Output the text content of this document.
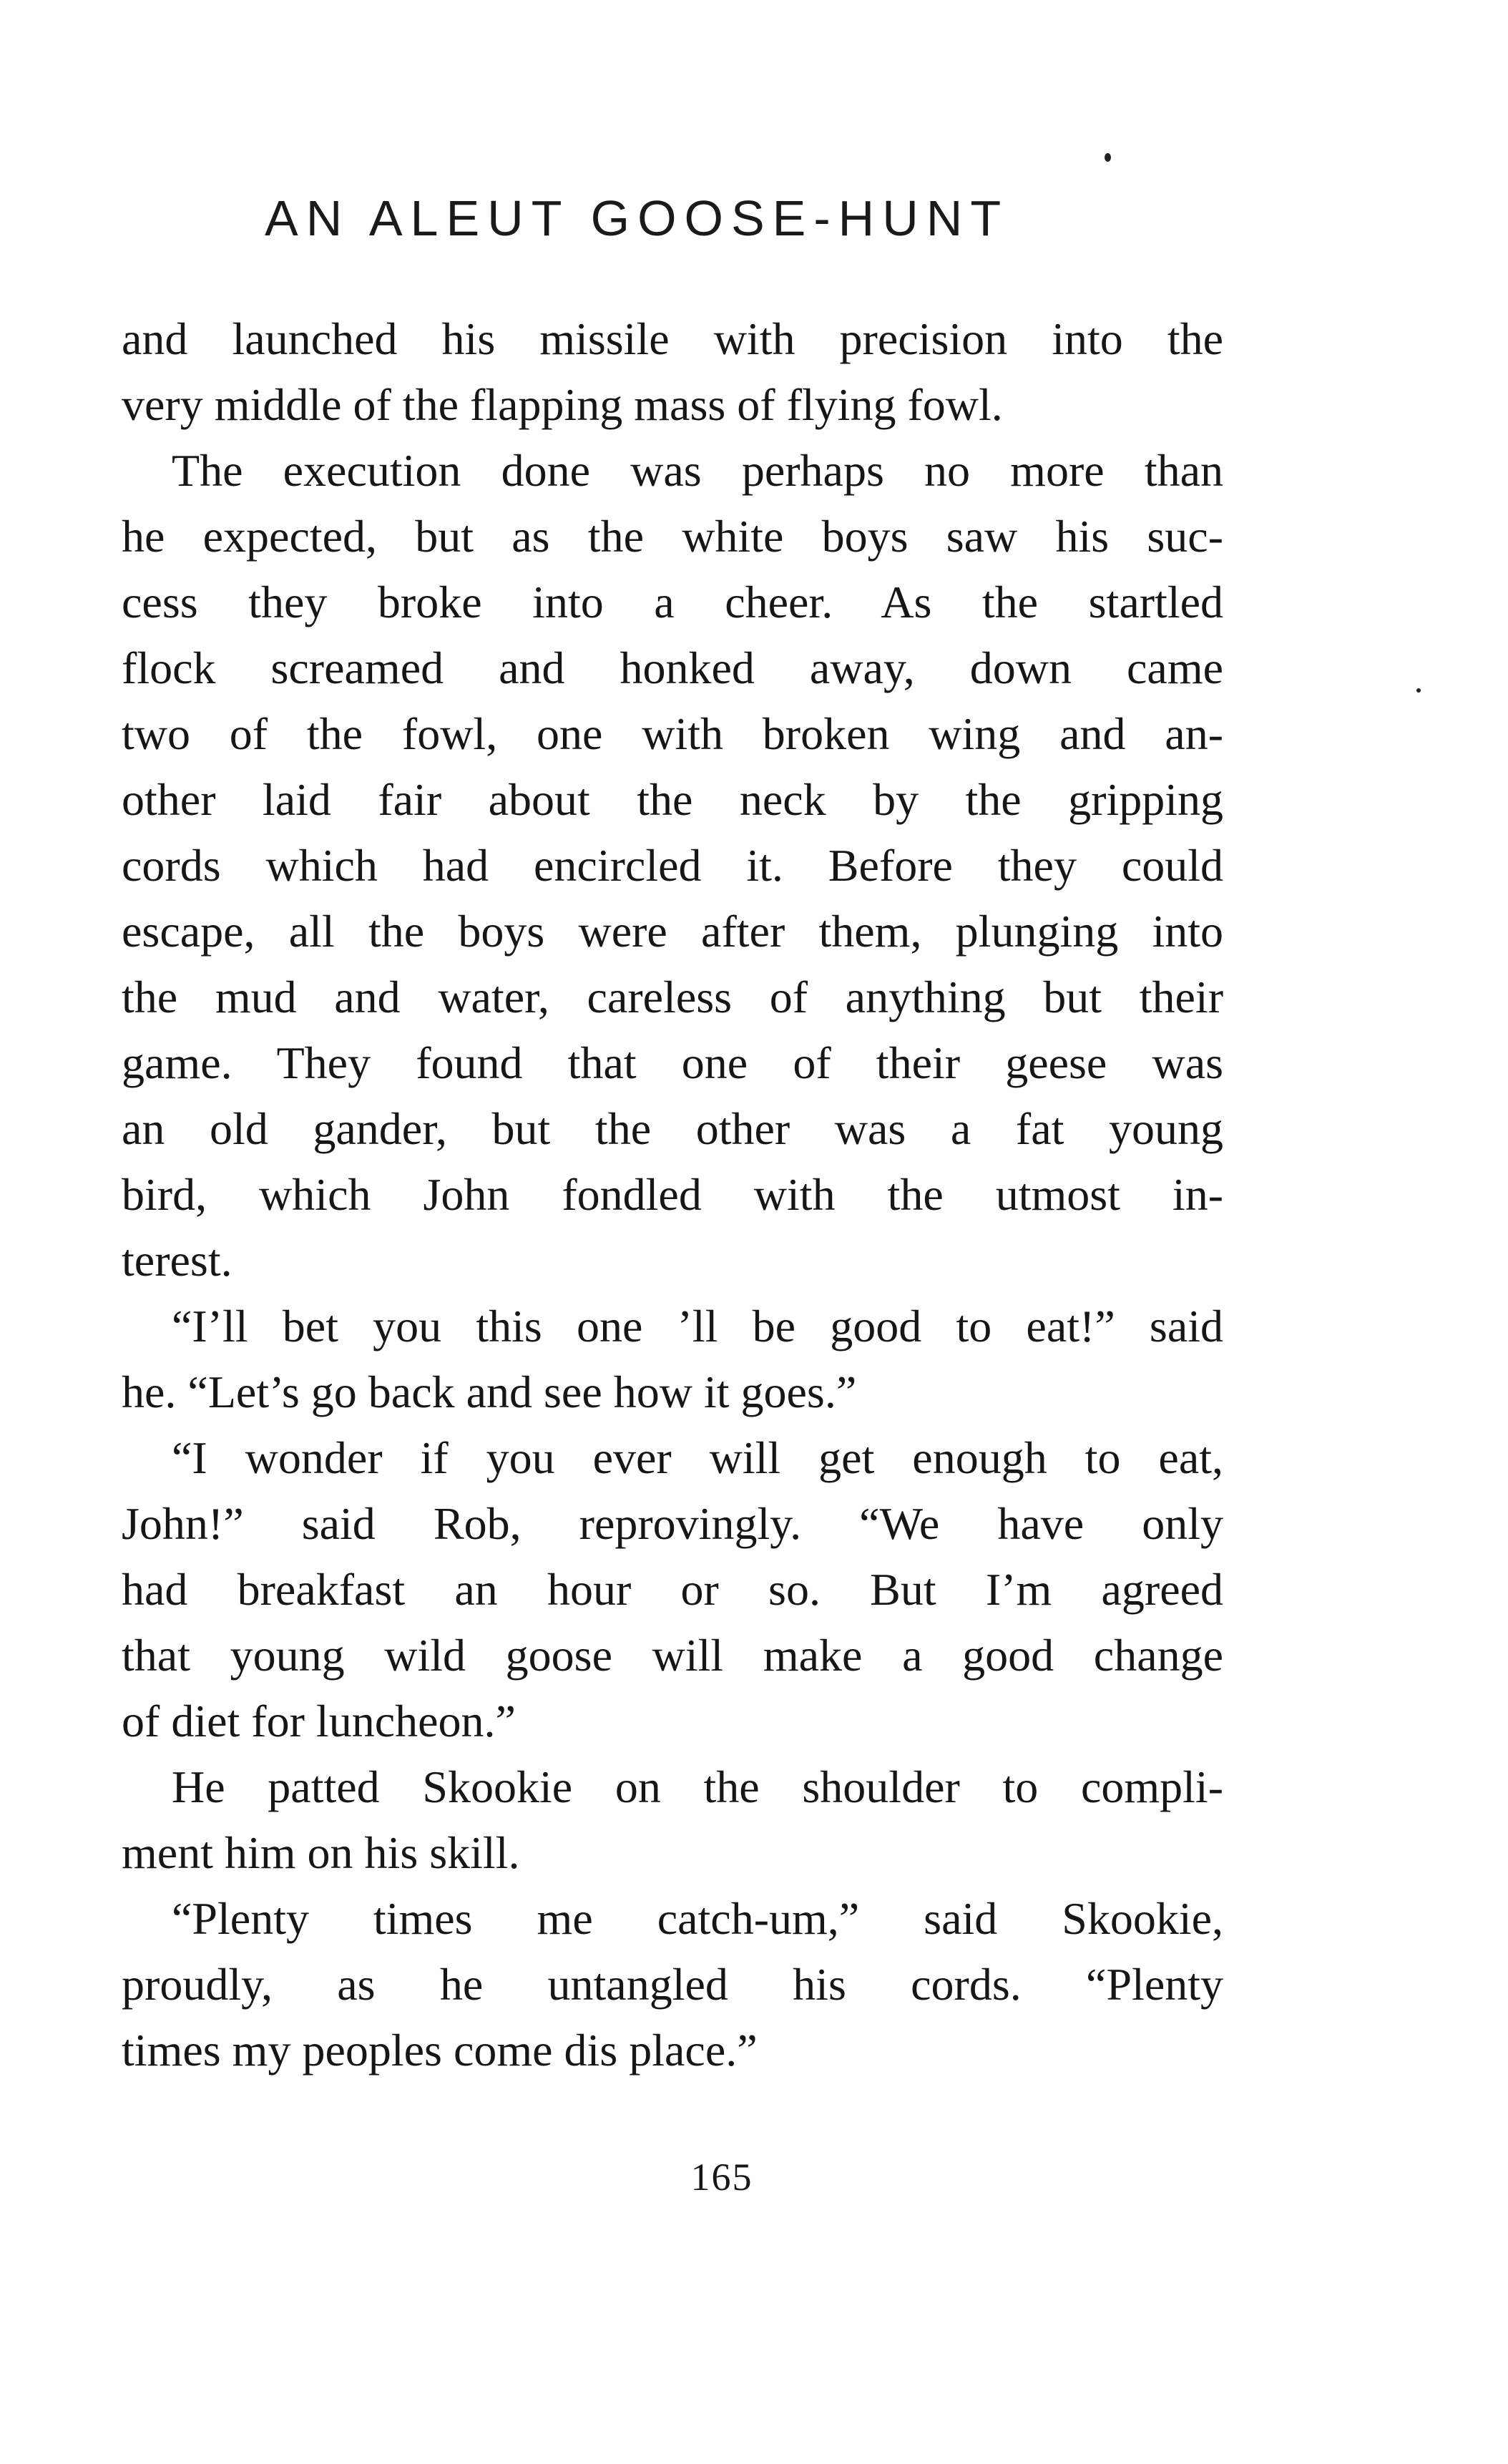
AN ALEUT GOOSE-HUNT
and launched his missile with precision into the
very middle of the flapping mass of flying fowl.
The execution done was perhaps no more than
he expected, but as the white boys saw his suc-
cess they broke into a cheer. As the startled
flock screamed and honked away, down came
two of the fowl, one with broken wing and an-
other laid fair about the neck by the gripping
cords which had encircled it. Before they could
escape, all the boys were after them, plunging into
the mud and water, careless of anything but their
game. They found that one of their geese was
an old gander, but the other was a fat young
bird, which John fondled with the utmost in-
terest.
“I’ll bet you this one ’ll be good to eat!” said
he. “Let’s go back and see how it goes.”
“I wonder if you ever will get enough to eat,
John!” said Rob, reprovingly. “We have only
had breakfast an hour or so. But I’m agreed
that young wild goose will make a good change
of diet for luncheon.”
He patted Skookie on the shoulder to compli-
ment him on his skill.
“Plenty times me catch-um,” said Skookie,
proudly, as he untangled his cords. “Plenty
times my peoples come dis place.”
165
